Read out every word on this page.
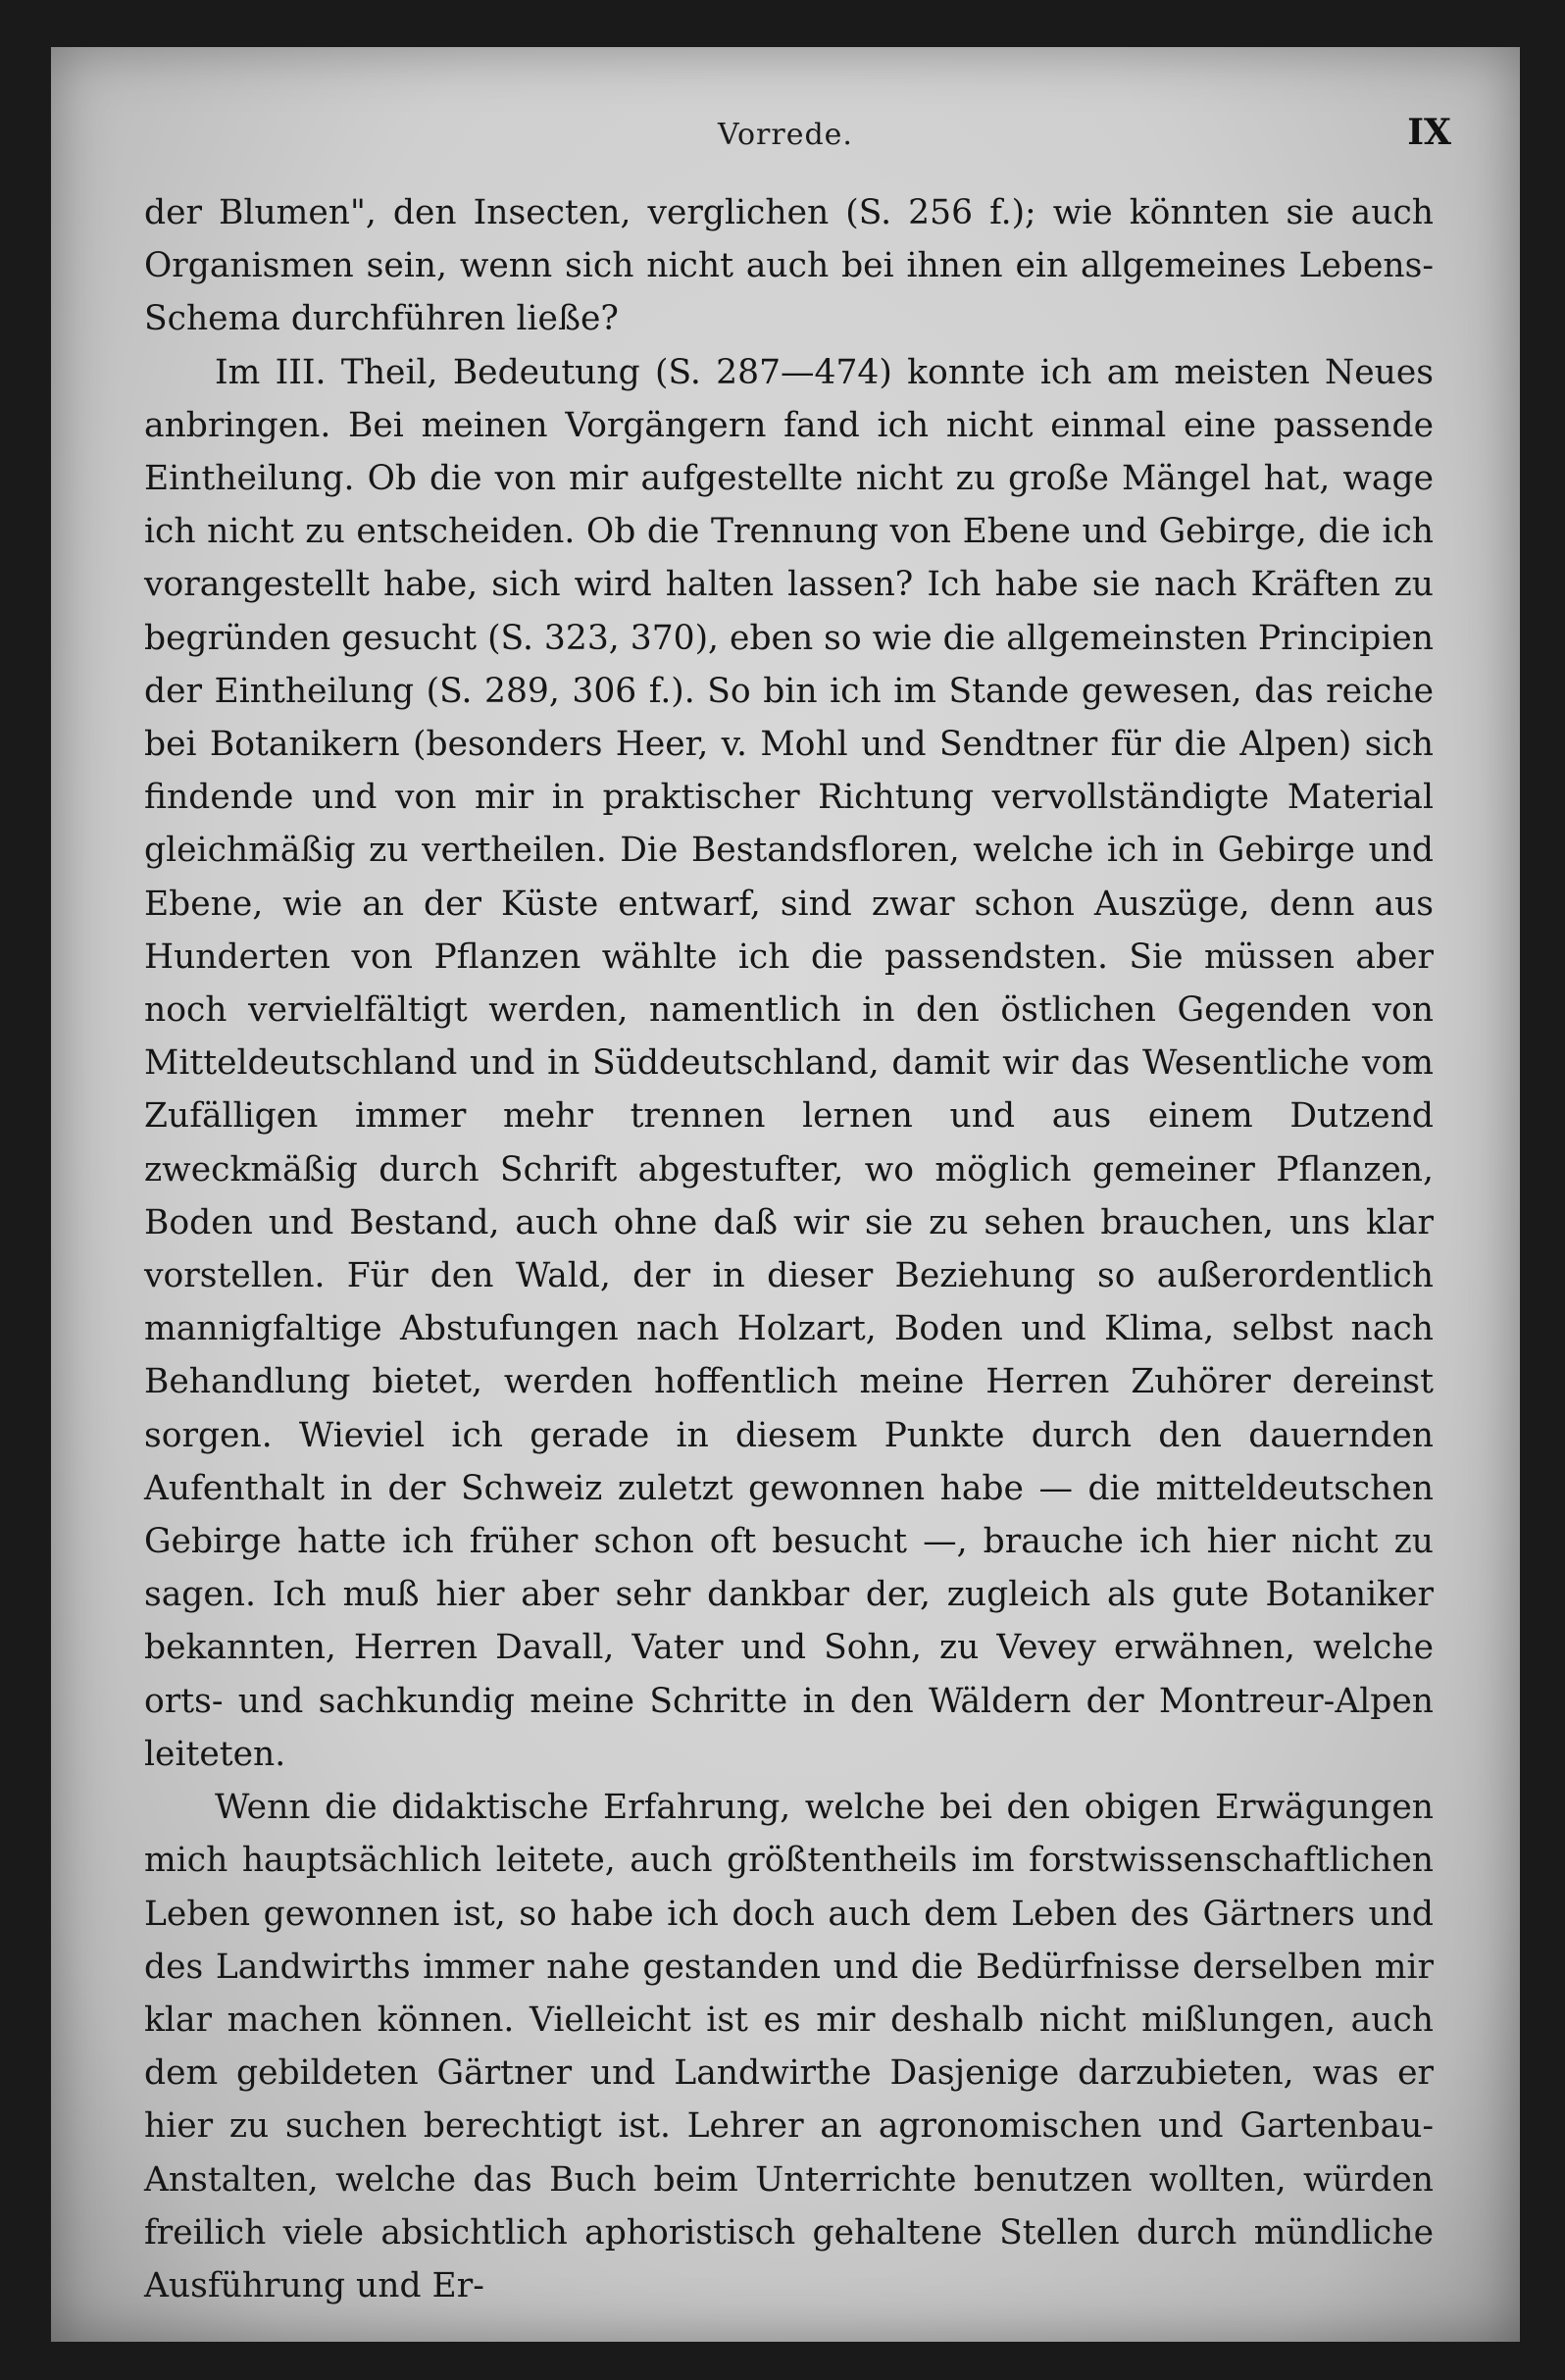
Vorrede.	IX

der Blumen", den Insecten, verglichen (S. 256 f.); wie könnten sie auch Organismen sein, wenn sich nicht auch bei ihnen ein allgemeines Lebens-Schema durchführen ließe?

Im III. Theil, Bedeutung (S. 287—474) konnte ich am meisten Neues anbringen. Bei meinen Vorgängern fand ich nicht einmal eine passende Eintheilung. Ob die von mir aufgestellte nicht zu große Mängel hat, wage ich nicht zu entscheiden. Ob die Trennung von Ebene und Gebirge, die ich vorangestellt habe, sich wird halten lassen? Ich habe sie nach Kräften zu begründen gesucht (S. 323, 370), eben so wie die allgemeinsten Principien der Eintheilung (S. 289, 306 f.). So bin ich im Stande gewesen, das reiche bei Botanikern (besonders Heer, v. Mohl und Sendtner für die Alpen) sich findende und von mir in praktischer Richtung vervollständigte Material gleichmäßig zu vertheilen. Die Bestandsfloren, welche ich in Gebirge und Ebene, wie an der Küste entwarf, sind zwar schon Auszüge, denn aus Hunderten von Pflanzen wählte ich die passendsten. Sie müssen aber noch vervielfältigt werden, namentlich in den östlichen Gegenden von Mitteldeutschland und in Süddeutschland, damit wir das Wesentliche vom Zufälligen immer mehr trennen lernen und aus einem Dutzend zweckmäßig durch Schrift abgestufter, wo möglich gemeiner Pflanzen, Boden und Bestand, auch ohne daß wir sie zu sehen brauchen, uns klar vorstellen. Für den Wald, der in dieser Beziehung so außerordentlich mannigfaltige Abstufungen nach Holzart, Boden und Klima, selbst nach Behandlung bietet, werden hoffentlich meine Herren Zuhörer dereinst sorgen. Wieviel ich gerade in diesem Punkte durch den dauernden Aufenthalt in der Schweiz zuletzt gewonnen habe — die mitteldeutschen Gebirge hatte ich früher schon oft besucht —, brauche ich hier nicht zu sagen. Ich muß hier aber sehr dankbar der, zugleich als gute Botaniker bekannten, Herren Davall, Vater und Sohn, zu Vevey erwähnen, welche orts- und sachkundig meine Schritte in den Wäldern der Montreur-Alpen leiteten.

Wenn die didaktische Erfahrung, welche bei den obigen Erwägungen mich hauptsächlich leitete, auch größtentheils im forstwissenschaftlichen Leben gewonnen ist, so habe ich doch auch dem Leben des Gärtners und des Landwirths immer nahe gestanden und die Bedürfnisse derselben mir klar machen können. Vielleicht ist es mir deshalb nicht mißlungen, auch dem gebildeten Gärtner und Landwirthe Dasjenige darzubieten, was er hier zu suchen berechtigt ist. Lehrer an agronomischen und Gartenbau-Anstalten, welche das Buch beim Unterrichte benutzen wollten, würden freilich viele absichtlich aphoristisch gehaltene Stellen durch mündliche Ausführung und Er-
